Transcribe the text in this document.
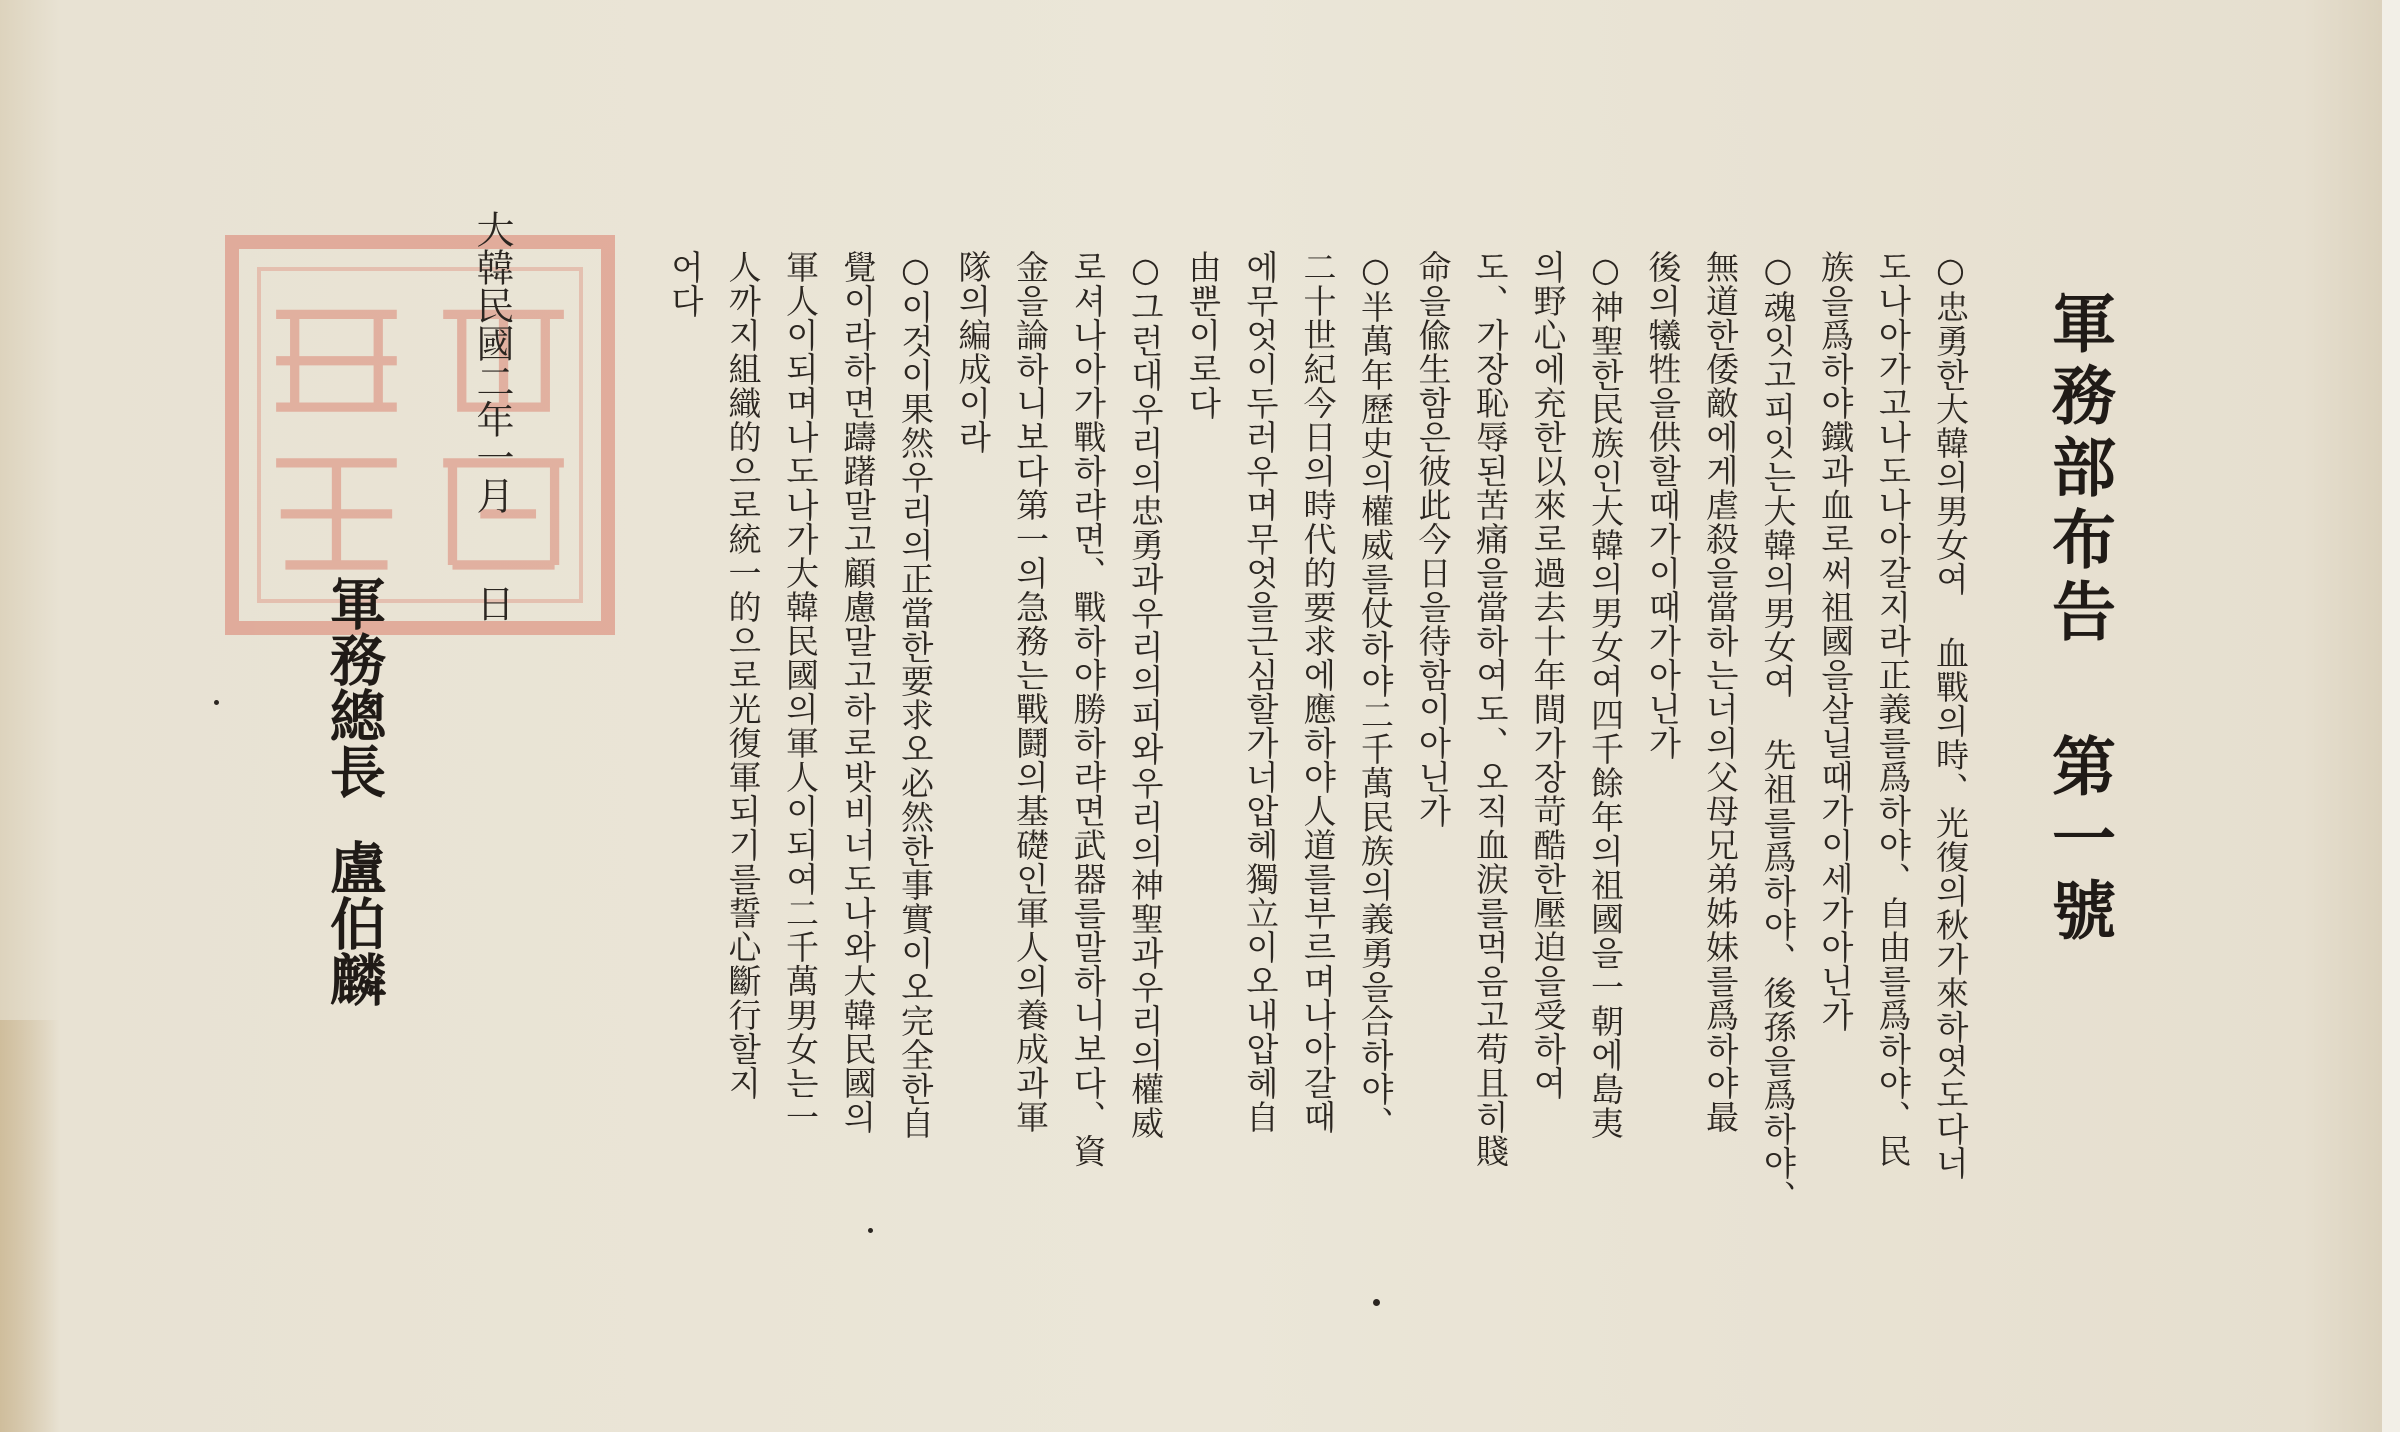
軍務部布告 第一號
○忠勇한大韓의男女여 血戰의時、光復의秋가來하엿도다너
도나아가고나도나아갈지라正義를爲하야、自由를爲하야、民
族을爲하야鐵과血로써祖國을살닐때가이세가아닌가
○魂잇고피잇는大韓의男女여 先祖를爲하야、後孫을爲하야、
無道한倭敵에게虐殺을當하는너의父母兄弟姊妹를爲하야最
後의犧牲을供할때가이때가아닌가
○神聖한民族인大韓의男女여四千餘年의祖國을一朝에島夷
의野心에充한以來로過去十年間가장苛酷한壓迫을受하여
도、가장恥辱된苦痛을當하여도、오직血涙를먹음고苟且히賤
命을偸生함은彼此今日을待함이아닌가
○半萬年歷史의權威를仗하야二千萬民族의義勇을合하야、
二十世紀今日의時代的要求에應하야人道를부르며나아갈때
에무엇이두러우며무엇을근심할가너압헤獨立이오내압헤自
由뿐이로다
○그런대우리의忠勇과우리의피와우리의神聖과우리의權威
로셔나아가戰하랴면、戰하야勝하랴면武器를말하니보다、資
金을論하니보다第一의急務는戰鬪의基礎인軍人의養成과軍
隊의編成이라
○이것이果然우리의正當한要求오必然한事實이오完全한自
覺이라하면躊躇말고顧慮말고하로밧비너도나와大韓民國의
軍人이되며나도나가大韓民國의軍人이되여二千萬男女는一
人까지組織的으로統一的으로光復軍되기를誓心斷行할지
어다
大韓民國二年一月日
軍務總長盧伯麟
